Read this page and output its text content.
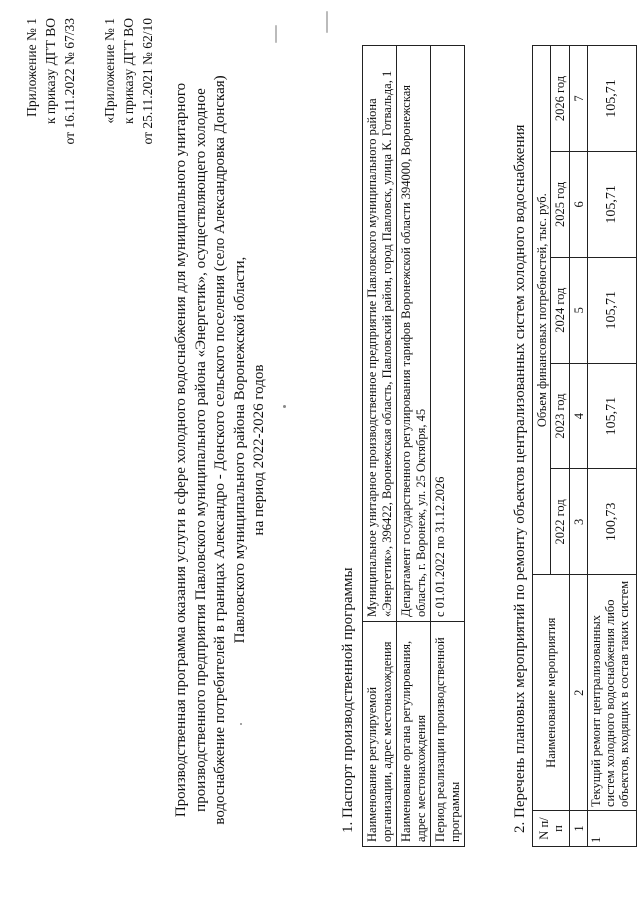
Приложение № 1 к приказу ДГТ ВО от 16.11.2022 № 67/33 «Приложение № 1 к приказу ДГТ ВО от 25.11.2021 № 62/10
Производственная программа оказания услуги в сфере холодного водоснабжения для муниципального унитарного производственного предприятия Павловского муниципального района «Энергетик», осуществляющего холодное водоснабжение потребителей в границах Александро - Донского сельского поселения (село Александровка Донская) Павловского муниципального района Воронежской области, на период 2022-2026 годов
1. Паспорт производственной программы Наименование регулируемой организации, адрес местонахождения	Муниципальное унитарное производственное предприятие Павловского муниципального района «Энергетик», 396422, Воронежская область, Павловский район, город Павловск, улица К. Готвальда, 1
Наименование органа регулирования, адрес местонахождения	Департамент государственного регулирования тарифов Воронежской области 394000, Воронежская область, г. Воронеж, ул. 25 Октября, 45
Период реализации производственной программы	с 01.01.2022 по 31.12.2026	2. Перечень плановых мероприятий по ремонту объектов централизованных систем холодного водоснабжения N п/п	Наименование мероприятия	Объем финансовых потребностей, тыс. руб.				
		2022 год	2023 год	2024 год	2025 год	2026 год
1	2	3	4	5	6	7
1	Текущий ремонт централизованных систем холодного водоснабжения либо объектов, входящих в состав таких систем	100,73	105,71	105,71	105,71	105,71
